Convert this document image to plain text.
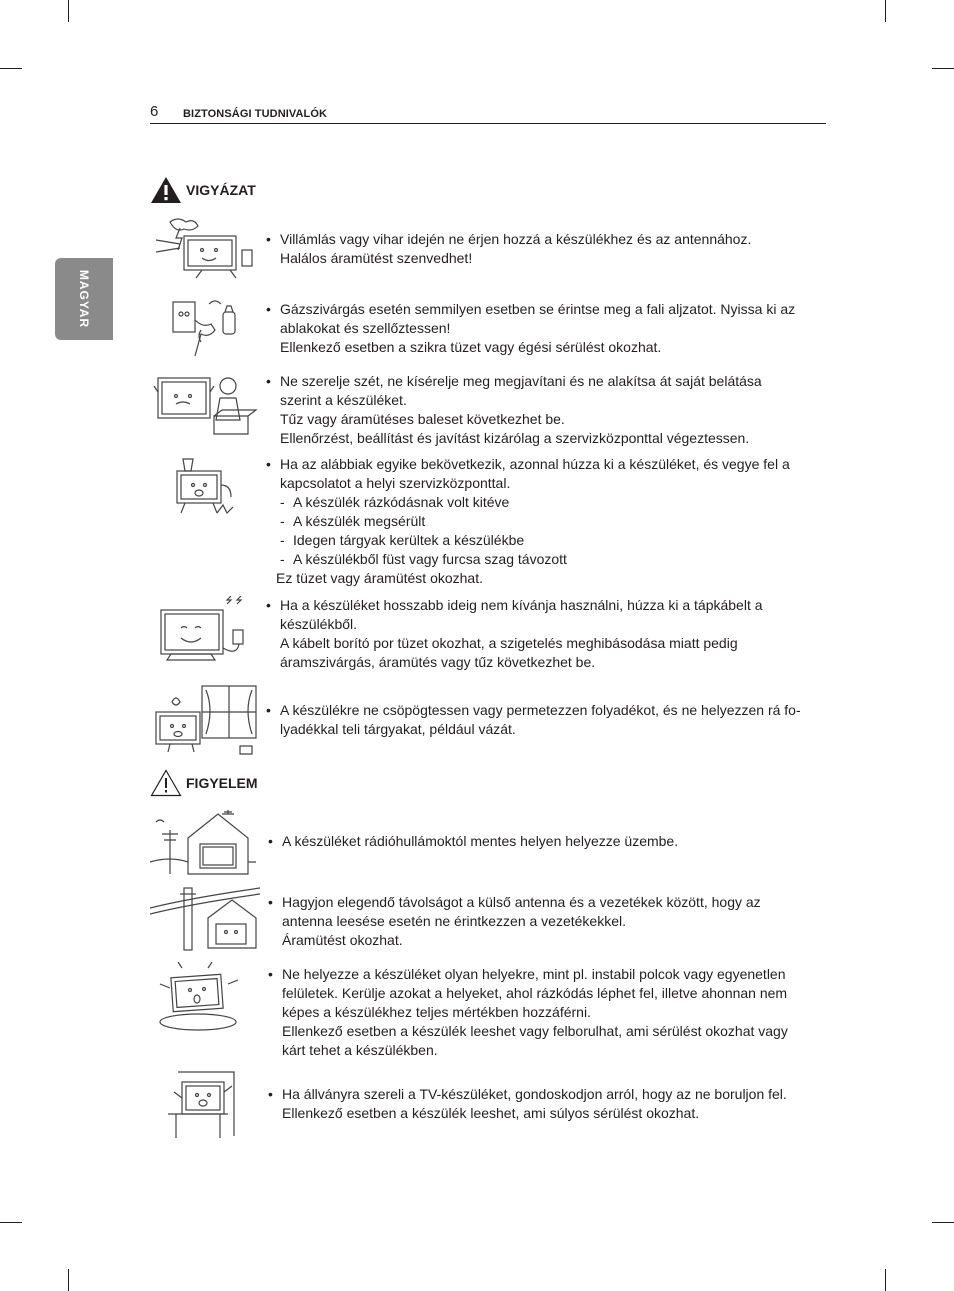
6 BIZTONSÁGI TUDNIVALÓK
MAGYAR
VIGYÁZAT
• Villámlás vagy vihar idején ne érjen hozzá a készülékhez és az antennához.
Halálos áramütést szenvedhet!
• Gázszivárgás esetén semmilyen esetben se érintse meg a fali aljzatot. Nyissa ki az
ablakokat és szellőztessen!
Ellenkező esetben a szikra tüzet vagy égési sérülést okozhat.
• Ne szerelje szét, ne kísérelje meg megjavítani és ne alakítsa át saját belátása
szerint a készüléket.
Tűz vagy áramütéses baleset következhet be.
Ellenőrzést, beállítást és javítást kizárólag a szervizközponttal végeztessen.
• Ha az alábbiak egyike bekövetkezik, azonnal húzza ki a készüléket, és vegye fel a
kapcsolatot a helyi szervizközponttal.
- A készülék rázkódásnak volt kitéve
- A készülék megsérült
- Idegen tárgyak kerültek a készülékbe
- A készülékből füst vagy furcsa szag távozott
Ez tüzet vagy áramütést okozhat.
• Ha a készüléket hosszabb ideig nem kívánja használni, húzza ki a tápkábelt a
készülékből.
A kábelt borító por tüzet okozhat, a szigetelés meghibásodása miatt pedig
áramszivárgás, áramütés vagy tűz következhet be.
• A készülékre ne csöpögtessen vagy permetezzen folyadékot, és ne helyezzen rá fo-
lyadékkal teli tárgyakat, például vázát.
FIGYELEM
• A készüléket rádióhullámoktól mentes helyen helyezze üzembe.
• Hagyjon elegendő távolságot a külső antenna és a vezetékek között, hogy az
antenna leesése esetén ne érintkezzen a vezetékekkel.
Áramütést okozhat.
• Ne helyezze a készüléket olyan helyekre, mint pl. instabil polcok vagy egyenetlen
felületek. Kerülje azokat a helyeket, ahol rázkódás léphet fel, illetve ahonnan nem
képes a készülékhez teljes mértékben hozzáférni.
Ellenkező esetben a készülék leeshet vagy felborulhat, ami sérülést okozhat vagy
kárt tehet a készülékben.
• Ha állványra szereli a TV-készüléket, gondoskodjon arról, hogy az ne boruljon fel.
Ellenkező esetben a készülék leeshet, ami súlyos sérülést okozhat.
